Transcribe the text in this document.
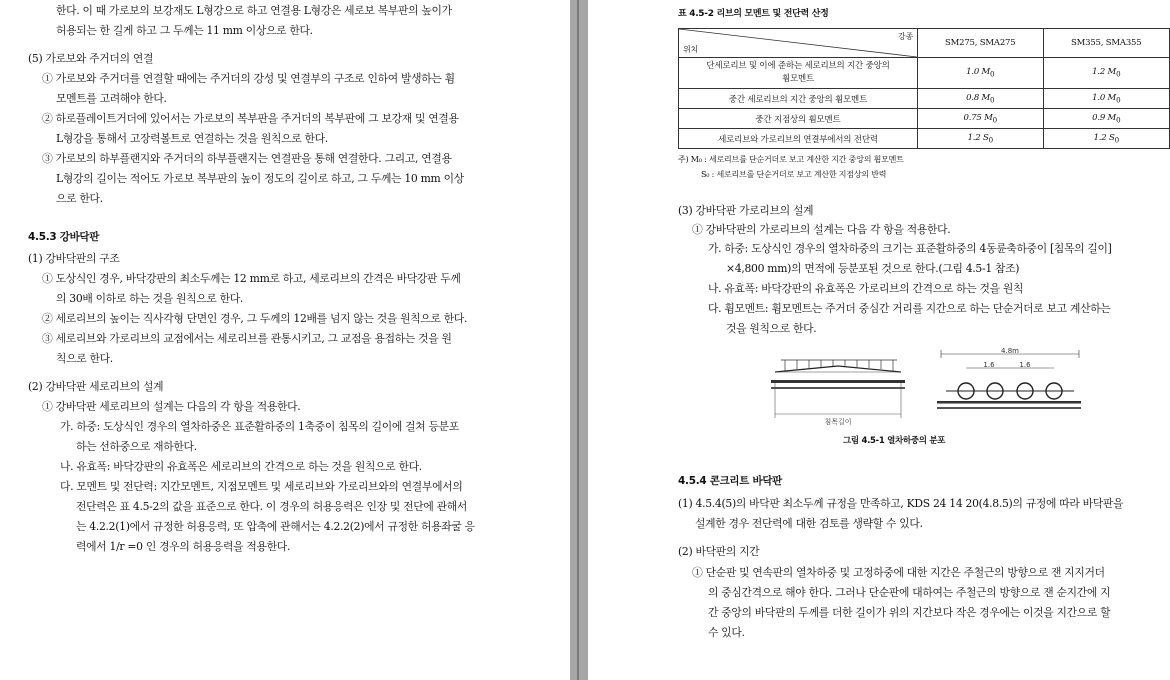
한다. 이 때 가로보의 보강재도 L형강으로 하고 연결용 L형강은 세로보 복부판의 높이가
허용되는 한 길게 하고 그 두께는 11 mm 이상으로 한다.
(5) 가로보와 주거더의 연결
① 가로보와 주거더를 연결할 때에는 주거더의 강성 및 연결부의 구조로 인하여 발생하는 휨
모멘트를 고려해야 한다.
② 하로플레이트거더에 있어서는 가로보의 복부판을 주거더의 복부판에 그 보강재 및 연결용
L형강을 통해서 고장력볼트로 연결하는 것을 원칙으로 한다.
③ 가로보의 하부플랜지와 주거더의 하부플랜지는 연결판을 통해 연결한다. 그리고, 연결용
L형강의 길이는 적어도 가로보 복부판의 높이 정도의 길이로 하고, 그 두께는 10 mm 이상
으로 한다.
4.5.3 강바닥판
(1) 강바닥판의 구조
① 도상식인 경우, 바닥강판의 최소두께는 12 mm로 하고, 세로리브의 간격은 바닥강판 두께
의 30배 이하로 하는 것을 원칙으로 한다.
② 세로리브의 높이는 직사각형 단면인 경우, 그 두께의 12배를 넘지 않는 것을 원칙으로 한다.
③ 세로리브와 가로리브의 교점에서는 세로리브를 관통시키고, 그 교점을 용접하는 것을 원
칙으로 한다.
(2) 강바닥판 세로리브의 설계
① 강바닥판 세로리브의 설계는 다음의 각 항을 적용한다.
가. 하중: 도상식인 경우의 열차하중은 표준활하중의 1축중이 침목의 길이에 걸쳐 등분포
하는 선하중으로 재하한다.
나. 유효폭: 바닥강판의 유효폭은 세로리브의 간격으로 하는 것을 원칙으로 한다.
다. 모멘트 및 전단력: 지간모멘트, 지점모멘트 및 세로리브와 가로리브와의 연결부에서의
전단력은 표 4.5-2의 값을 표준으로 한다. 이 경우의 허용응력은 인장 및 전단에 관해서
는 4.2.2(1)에서 규정한 허용응력, 또 압축에 관해서는 4.2.2(2)에서 규정한 허용좌굴 응
력에서 1/r =0 인 경우의 허용응력을 적용한다.
표 4.5-2 리브의 모멘트 및 전단력 산정
강종
위치	SM275, SMA275	SM355, SMA355
단세로리브 및 이에 준하는 세로리브의 지간 중앙의
휨모멘트	1.0 $M_0$	1.2 $M_0$
중간 세로리브의 지간 중앙의 휨모멘트	0.8 $M_0$	1.0 $M_0$
중간 지점상의 휨모멘트	0.75 $M_0$	0.9 $M_0$
세로리브와 가로리브의 연결부에서의 전단력	1.2 $S_0$	1.2 $S_0$
주) M₀ : 세로리브를 단순거더로 보고 계산한 지간 중앙의 휨모멘트
S₀ : 세로리브를 단순거더로 보고 계산한 지점상의 반력
(3) 강바닥판 가로리브의 설계
① 강바닥판의 가로리브의 설계는 다음 각 항을 적용한다.
가. 하중: 도상식인 경우의 열차하중의 크기는 표준활하중의 4동륜축하중이 [침목의 길이]
×4,800 mm)의 면적에 등분포된 것으로 한다.(그림 4.5-1 참조)
나. 유효폭: 바닥강판의 유효폭은 가로리브의 간격으로 하는 것을 원칙
다. 휨모멘트: 휨모멘트는 주거더 중심간 거리를 지간으로 하는 단순거더로 보고 계산하는
것을 원칙으로 한다.
침목길이
4.8m
1.6	1.6
그림 4.5-1 열차하중의 분포
4.5.4 콘크리트 바닥판
(1) 4.5.4(5)의 바닥판 최소두께 규정을 만족하고, KDS 24 14 20(4.8.5)의 규정에 따라 바닥판을
설계한 경우 전단력에 대한 검토를 생략할 수 있다.
(2) 바닥판의 지간
① 단순판 및 연속판의 열차하중 및 고정하중에 대한 지간은 주철근의 방향으로 잰 지지거더
의 중심간격으로 해야 한다. 그러나 단순판에 대하여는 주철근의 방향으로 잰 순지간에 지
간 중앙의 바닥판의 두께를 더한 길이가 위의 지간보다 작은 경우에는 이것을 지간으로 할
수 있다.
